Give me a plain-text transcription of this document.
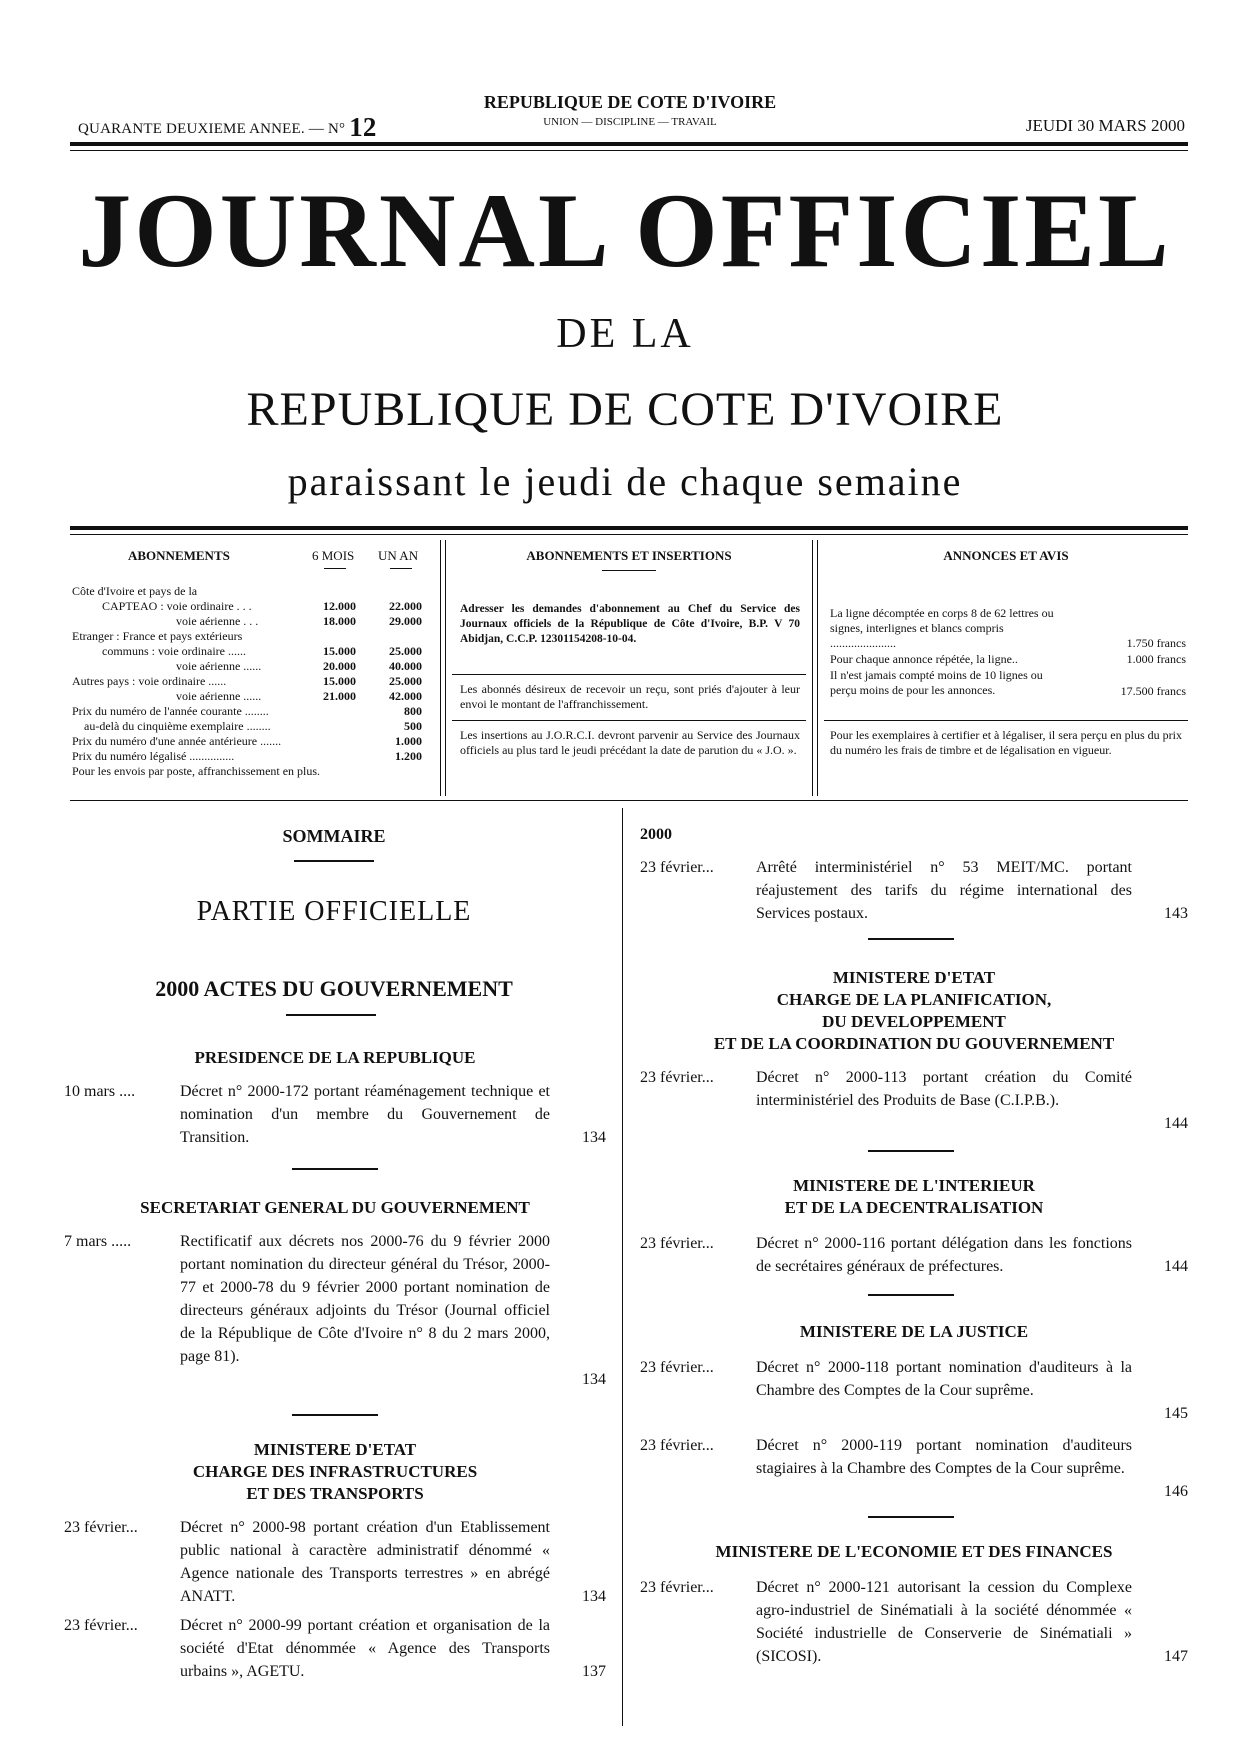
QUARANTE DEUXIEME ANNEE. — N° 12
REPUBLIQUE DE COTE D'IVOIRE
UNION — DISCIPLINE — TRAVAIL	JEUDI 30 MARS 2000
JOURNAL OFFICIEL
DE LA
REPUBLIQUE DE COTE D'IVOIRE
paraissant le jeudi de chaque semaine
ABONNEMENTS	6 MOIS UN AN
Côte d'Ivoire et pays de la
CAPTEAO : voie ordinaire . . .	12.000	22.000
voie aérienne . . .	18.000	29.000
Etranger : France et pays extérieurs
communs : voie ordinaire ......	15.000	25.000
voie aérienne ......	20.000	40.000
Autres pays : voie ordinaire ......	15.000	25.000
voie aérienne ......	21.000	42.000
Prix du numéro de l'année courante ........	800
au-delà du cinquième exemplaire ........	500
Prix du numéro d'une année antérieure .......	1.000
Prix du numéro légalisé ...............	1.200
Pour les envois par poste, affranchissement en plus.
ABONNEMENTS ET INSERTIONS
Adresser les demandes d'abonnement au Chef du Service des Journaux officiels de la République de Côte d'Ivoire, B.P. V 70 Abidjan, C.C.P. 12301154208-10-04.
Les abonnés désireux de recevoir un reçu, sont priés d'ajouter à leur envoi le montant de l'affranchissement.
Les insertions au J.O.R.C.I. devront parvenir au Service des Journaux officiels au plus tard le jeudi précédant la date de parution du « J.O. ».
ANNONCES ET AVIS
La ligne décomptée en corps 8 de 62 lettres ou signes, interlignes et blancs compris ......................	1.750 francs
Pour chaque annonce répétée, la ligne..	1.000 francs
Il n'est jamais compté moins de 10 lignes ou perçu moins de pour les annonces.	17.500 francs
Pour les exemplaires à certifier et à légaliser, il sera perçu en plus du prix du numéro les frais de timbre et de légalisation en vigueur.
SOMMAIRE
PARTIE OFFICIELLE
2000 ACTES DU GOUVERNEMENT
PRESIDENCE DE LA REPUBLIQUE
10 mars ....	Décret n° 2000-172 portant réaménagement technique et nomination d'un membre du Gouvernement de Transition.	134
SECRETARIAT GENERAL DU GOUVERNEMENT
7 mars .....	Rectificatif aux décrets nos 2000-76 du 9 février 2000 portant nomination du directeur général du Trésor, 2000-77 et 2000-78 du 9 février 2000 portant nomination de directeurs généraux adjoints du Trésor (Journal officiel de la République de Côte d'Ivoire n° 8 du 2 mars 2000, page 81).
134
MINISTERE D'ETAT
CHARGE DES INFRASTRUCTURES
ET DES TRANSPORTS
23 février...	Décret n° 2000-98 portant création d'un Etablissement public national à caractère administratif dénommé « Agence nationale des Transports terrestres » en abrégé ANATT.	134
23 février...	Décret n° 2000-99 portant création et organisation de la société d'Etat dénommée « Agence des Transports urbains », AGETU.	137
2000
23 février...	Arrêté interministériel n° 53 MEIT/MC. portant réajustement des tarifs du régime international des Services postaux.	143
MINISTERE D'ETAT
CHARGE DE LA PLANIFICATION,
DU DEVELOPPEMENT
ET DE LA COORDINATION DU GOUVERNEMENT
23 février...	Décret n° 2000-113 portant création du Comité interministériel des Produits de Base (C.I.P.B.).
144
MINISTERE DE L'INTERIEUR
ET DE LA DECENTRALISATION
23 février...	Décret n° 2000-116 portant délégation dans les fonctions de secrétaires généraux de préfectures.	144
MINISTERE DE LA JUSTICE
23 février...	Décret n° 2000-118 portant nomination d'auditeurs à la Chambre des Comptes de la Cour suprême.
145
23 février...	Décret n° 2000-119 portant nomination d'auditeurs stagiaires à la Chambre des Comptes de la Cour suprême.
146
MINISTERE DE L'ECONOMIE ET DES FINANCES
23 février...	Décret n° 2000-121 autorisant la cession du Complexe agro-industriel de Sinématiali à la société dénommée « Société industrielle de Conserverie de Sinématiali » (SICOSI).	147
